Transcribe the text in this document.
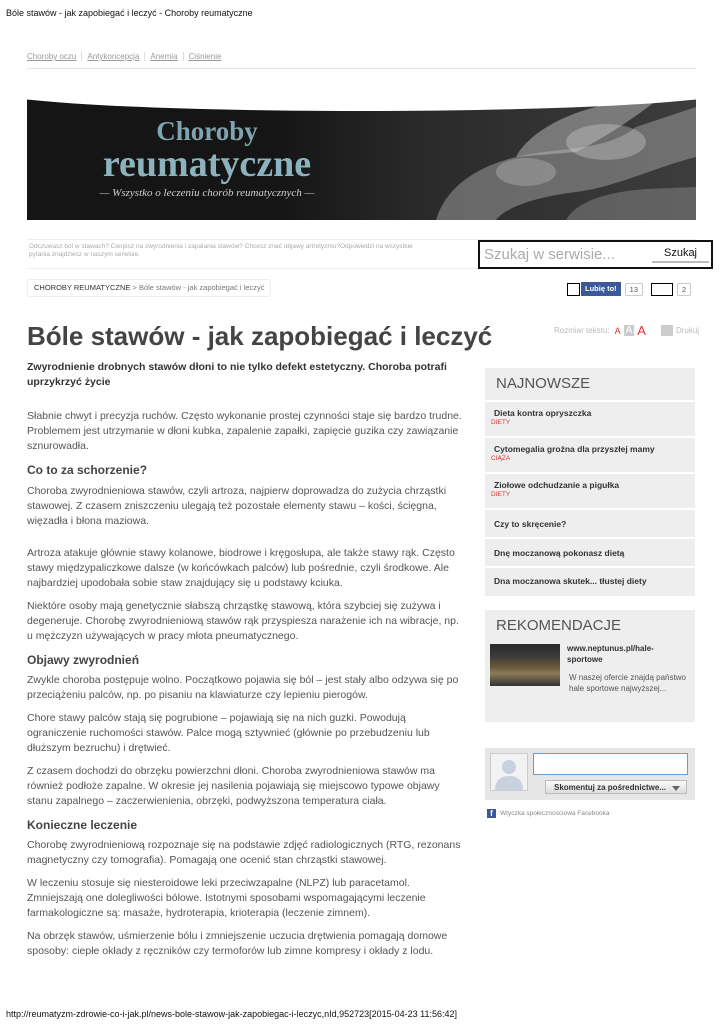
Bóle stawów - jak zapobiegać i leczyć - Choroby reumatyczne
Choroby oczu	Antykoncepcja	Anemia	Ciśnienie
Choroby
reumatyczne
— Wszystko o leczeniu chorób reumatycznych —
Odczuwasz ból w stawach? Cierpisz na zwyrodnienia i zapalania stawów? Chcesz znać objawy artretyzmu?Odpowiedzi na wszystkie pytania znajdziesz w naszym serwisie.
Szukaj w serwisie...	Szukaj
CHOROBY REUMATYCZNE > Bóle stawów - jak zapobiegać i leczyć	Lubię to!	13	2
Bóle stawów - jak zapobiegać i leczyć	Rozmiar tekstu: A A A	Drukuj
Zwyrodnienie drobnych stawów dłoni to nie tylko defekt estetyczny. Choroba potrafi uprzykrzyć życie

Słabnie chwyt i precyzja ruchów. Często wykonanie prostej czynności staje się bardzo trudne. Problemem jest utrzymanie w dłoni kubka, zapalenie zapałki, zapięcie guzika czy zawiązanie sznurowadła.

Co to za schorzenie?

Choroba zwyrodnieniowa stawów, czyli artroza, najpierw doprowadza do zużycia chrząstki stawowej. Z czasem zniszczeniu ulegają też pozostałe elementy stawu – kości, ścięgna, więzadła i błona maziowa.

Artroza atakuje głównie stawy kolanowe, biodrowe i kręgosłupa, ale także stawy rąk. Często stawy międzypaliczkowe dalsze (w końcówkach palców) lub pośrednie, czyli środkowe. Ale najbardziej upodobała sobie staw znajdujący się u podstawy kciuka.

Niektóre osoby mają genetycznie słabszą chrząstkę stawową, która szybciej się zużywa i degeneruje. Chorobę zwyrodnieniową stawów rąk przyspiesza narażenie ich na wibracje, np. u mężczyzn używających w pracy młota pneumatycznego.

Objawy zwyrodnień

Zwykle choroba postępuje wolno. Początkowo pojawia się ból – jest stały albo odzywa się po przeciążeniu palców, np. po pisaniu na klawiaturze czy lepieniu pierogów.

Chore stawy palców stają się pogrubione – pojawiają się na nich guzki. Powodują ograniczenie ruchomości stawów. Palce mogą sztywnieć (głównie po przebudzeniu lub dłuższym bezruchu) i drętwieć.

Z czasem dochodzi do obrzęku powierzchni dłoni. Choroba zwyrodnieniowa stawów ma również podłoże zapalne. W okresie jej nasilenia pojawiają się miejscowo typowe objawy stanu zapalnego – zaczerwienienia, obrzęki, podwyższona temperatura ciała.

Konieczne leczenie

Chorobę zwyrodnieniową rozpoznaje się na podstawie zdjęć radiologicznych (RTG, rezonans magnetyczny czy tomografia). Pomagają one ocenić stan chrząstki stawowej.

W leczeniu stosuje się niesteroidowe leki przeciwzapalne (NLPZ) lub paracetamol. Zmniejszają one dolegliwości bólowe. Istotnymi sposobami wspomagającymi leczenie farmakologiczne są: masaże, hydroterapia, krioterapia (leczenie zimnem).

Na obrzęk stawów, uśmierzenie bólu i zmniejszenie uczucia drętwienia pomagają domowe sposoby: ciepłe okłady z ręczników czy termoforów lub zimne kompresy i okłady z lodu.

NAJNOWSZE
Dieta kontra opryszczka
DIETY
Cytomegalia groźna dla przyszłej mamy
CIĄŻA
Ziołowe odchudzanie a pigułka
DIETY
Czy to skręcenie?
Dnę moczanową pokonasz dietą
Dna moczanowa skutek... tłustej diety
REKOMENDACJE
www.neptunus.pl/hale-sportowe
W naszej ofercie znajdą państwo hale sportowe najwyższej...
Skomentuj za pośrednictwe...
f	Wtyczka społecznościowa Facebooka
http://reumatyzm-zdrowie-co-i-jak.pl/news-bole-stawow-jak-zapobiegac-i-leczyc,nId,952723[2015-04-23 11:56:42]
